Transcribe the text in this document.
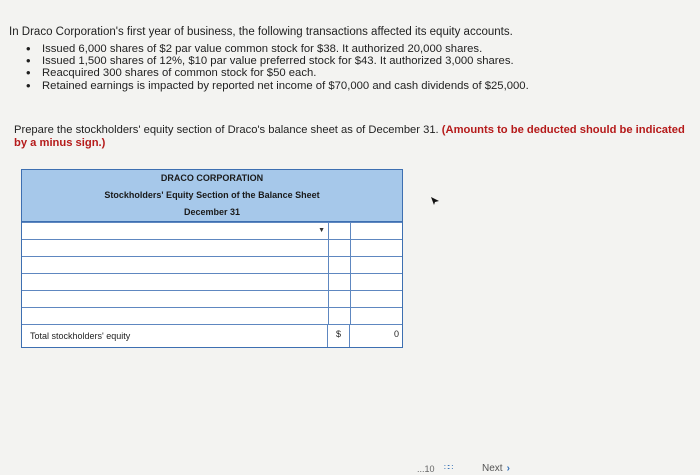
In Draco Corporation's first year of business, the following transactions affected its equity accounts.
• Issued 6,000 shares of $2 par value common stock for $38. It authorized 20,000 shares.
• Issued 1,500 shares of 12%, $10 par value preferred stock for $43. It authorized 3,000 shares.
• Reacquired 300 shares of common stock for $50 each.
• Retained earnings is impacted by reported net income of $70,000 and cash dividends of $25,000.
Prepare the stockholders' equity section of Draco's balance sheet as of December 31. (Amounts to be deducted should be indicated
by a minus sign.)
DRACO CORPORATION
Stockholders' Equity Section of the Balance Sheet
December 31
▼
Total stockholders' equity	$	0
...10 ∷∷	Next ›
